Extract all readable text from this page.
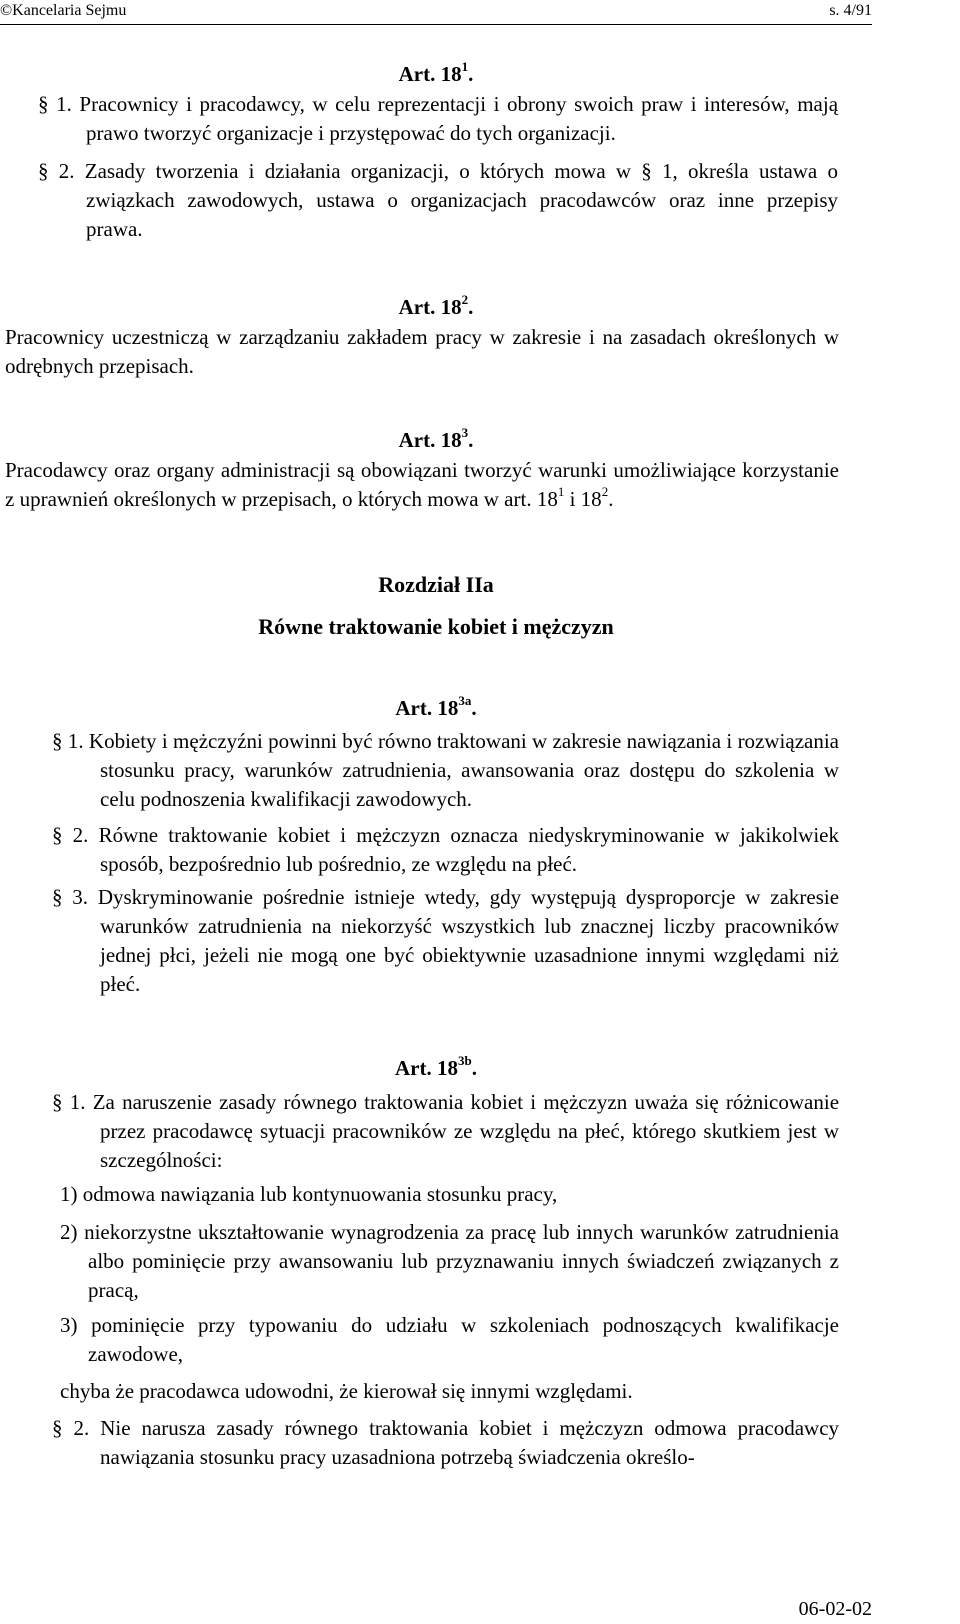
©Kancelaria Sejmu	s. 4/91
Art. $18^1$.
§ 1. Pracownicy i pracodawcy, w celu reprezentacji i obrony swoich praw i interesów, mają prawo tworzyć organizacje i przystępować do tych organizacji.
§ 2. Zasady tworzenia i działania organizacji, o których mowa w § 1, określa ustawa o związkach zawodowych, ustawa o organizacjach pracodawców oraz inne przepisy prawa.
Art. $18^2$.
Pracownicy uczestniczą w zarządzaniu zakładem pracy w zakresie i na zasadach określonych w odrębnych przepisach.
Art. $18^3$.
Pracodawcy oraz organy administracji są obowiązani tworzyć warunki umożliwiające korzystanie z uprawnień określonych w przepisach, o których mowa w art. $18^1$ i $18^2$.
Rozdział IIa
Równe traktowanie kobiet i mężczyzn
Art. $18^{3a}$.
§ 1. Kobiety i mężczyźni powinni być równo traktowani w zakresie nawiązania i rozwiązania stosunku pracy, warunków zatrudnienia, awansowania oraz dostępu do szkolenia w celu podnoszenia kwalifikacji zawodowych.
§ 2. Równe traktowanie kobiet i mężczyzn oznacza niedyskryminowanie w jakikolwiek sposób, bezpośrednio lub pośrednio, ze względu na płeć.
§ 3. Dyskryminowanie pośrednie istnieje wtedy, gdy występują dysproporcje w zakresie warunków zatrudnienia na niekorzyść wszystkich lub znacznej liczby pracowników jednej płci, jeżeli nie mogą one być obiektywnie uzasadnione innymi względami niż płeć.
Art. $18^{3b}$.
§ 1. Za naruszenie zasady równego traktowania kobiet i mężczyzn uważa się różnicowanie przez pracodawcę sytuacji pracowników ze względu na płeć, którego skutkiem jest w szczególności:
1) odmowa nawiązania lub kontynuowania stosunku pracy,
2) niekorzystne ukształtowanie wynagrodzenia za pracę lub innych warunków zatrudnienia albo pominięcie przy awansowaniu lub przyznawaniu innych świadczeń związanych z pracą,
3) pominięcie przy typowaniu do udziału w szkoleniach podnoszących kwalifikacje zawodowe,
chyba że pracodawca udowodni, że kierował się innymi względami.
§ 2. Nie narusza zasady równego traktowania kobiet i mężczyzn odmowa pracodawcy nawiązania stosunku pracy uzasadniona potrzebą świadczenia określo-
06-02-02
